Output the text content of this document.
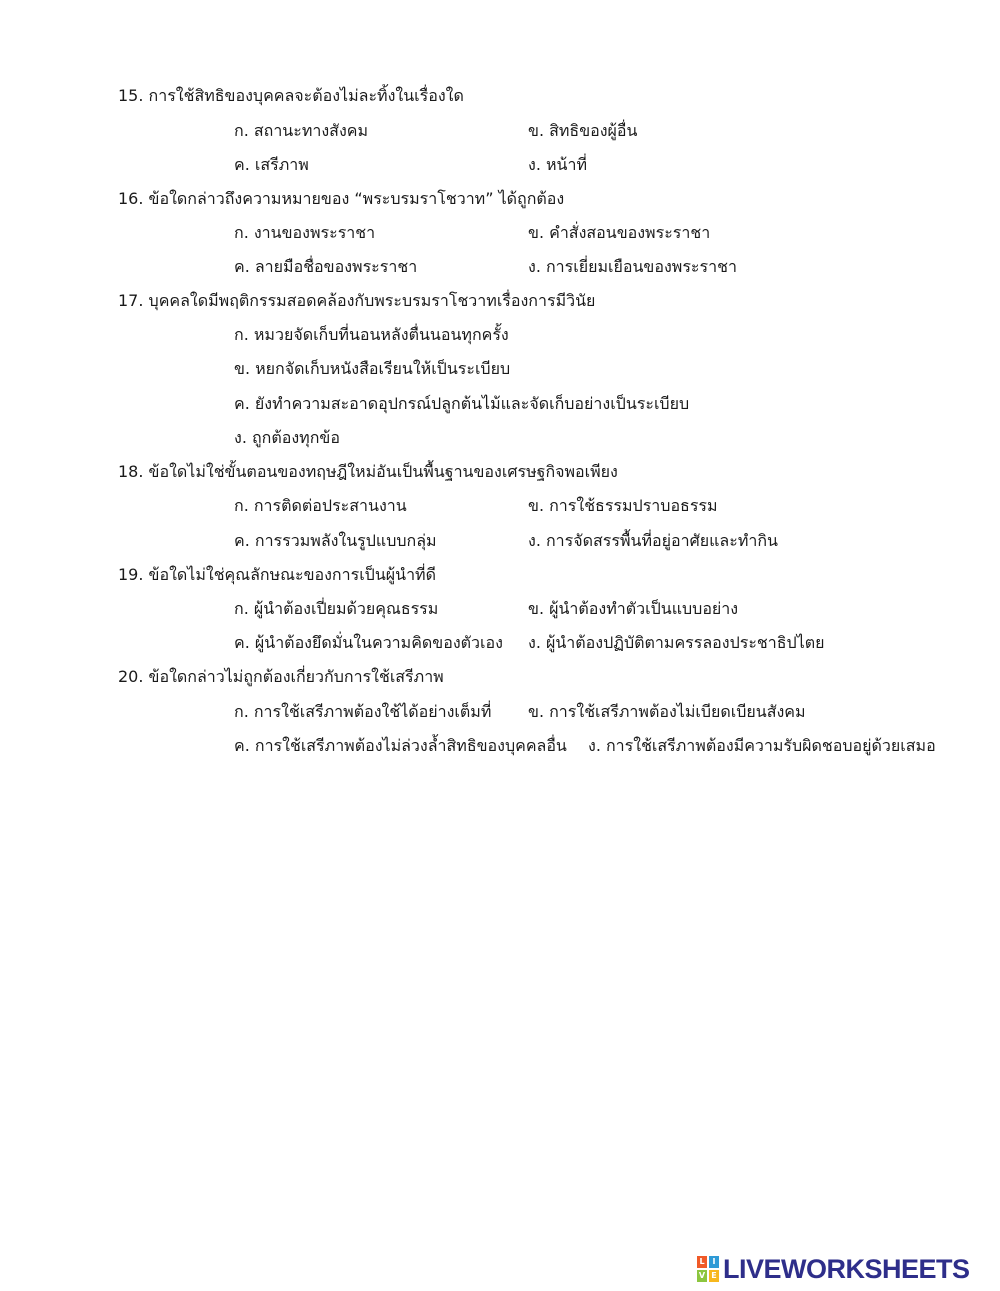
15. การใช้สิทธิของบุคคลจะต้องไม่ละทิ้งในเรื่องใด
ก. สถานะทางสังคม	ข. สิทธิของผู้อื่น
ค. เสรีภาพ	ง. หน้าที่
16. ข้อใดกล่าวถึงความหมายของ “พระบรมราโชวาท” ได้ถูกต้อง
ก. งานของพระราชา	ข. คำสั่งสอนของพระราชา
ค. ลายมือชื่อของพระราชา	ง. การเยี่ยมเยือนของพระราชา
17. บุคคลใดมีพฤติกรรมสอดคล้องกับพระบรมราโชวาทเรื่องการมีวินัย
ก. หมวยจัดเก็บที่นอนหลังตื่นนอนทุกครั้ง
ข. หยกจัดเก็บหนังสือเรียนให้เป็นระเบียบ
ค. ยังทำความสะอาดอุปกรณ์ปลูกต้นไม้และจัดเก็บอย่างเป็นระเบียบ
ง. ถูกต้องทุกข้อ
18. ข้อใดไม่ใช่ขั้นตอนของทฤษฎีใหม่อันเป็นพื้นฐานของเศรษฐกิจพอเพียง
ก. การติดต่อประสานงาน	ข. การใช้ธรรมปราบอธรรม
ค. การรวมพลังในรูปแบบกลุ่ม	ง. การจัดสรรพื้นที่อยู่อาศัยและทำกิน
19. ข้อใดไม่ใช่คุณลักษณะของการเป็นผู้นำที่ดี
ก. ผู้นำต้องเปี่ยมด้วยคุณธรรม	ข. ผู้นำต้องทำตัวเป็นแบบอย่าง
ค. ผู้นำต้องยึดมั่นในความคิดของตัวเอง ง. ผู้นำต้องปฏิบัติตามครรลองประชาธิปไตย
20. ข้อใดกล่าวไม่ถูกต้องเกี่ยวกับการใช้เสรีภาพ
ก. การใช้เสรีภาพต้องใช้ได้อย่างเต็มที่ ข. การใช้เสรีภาพต้องไม่เบียดเบียนสังคม
ค. การใช้เสรีภาพต้องไม่ล่วงล้ำสิทธิของบุคคลอื่น ง. การใช้เสรีภาพต้องมีความรับผิดชอบอยู่ด้วยเสมอ
L I
V E LIVEWORKSHEETS
